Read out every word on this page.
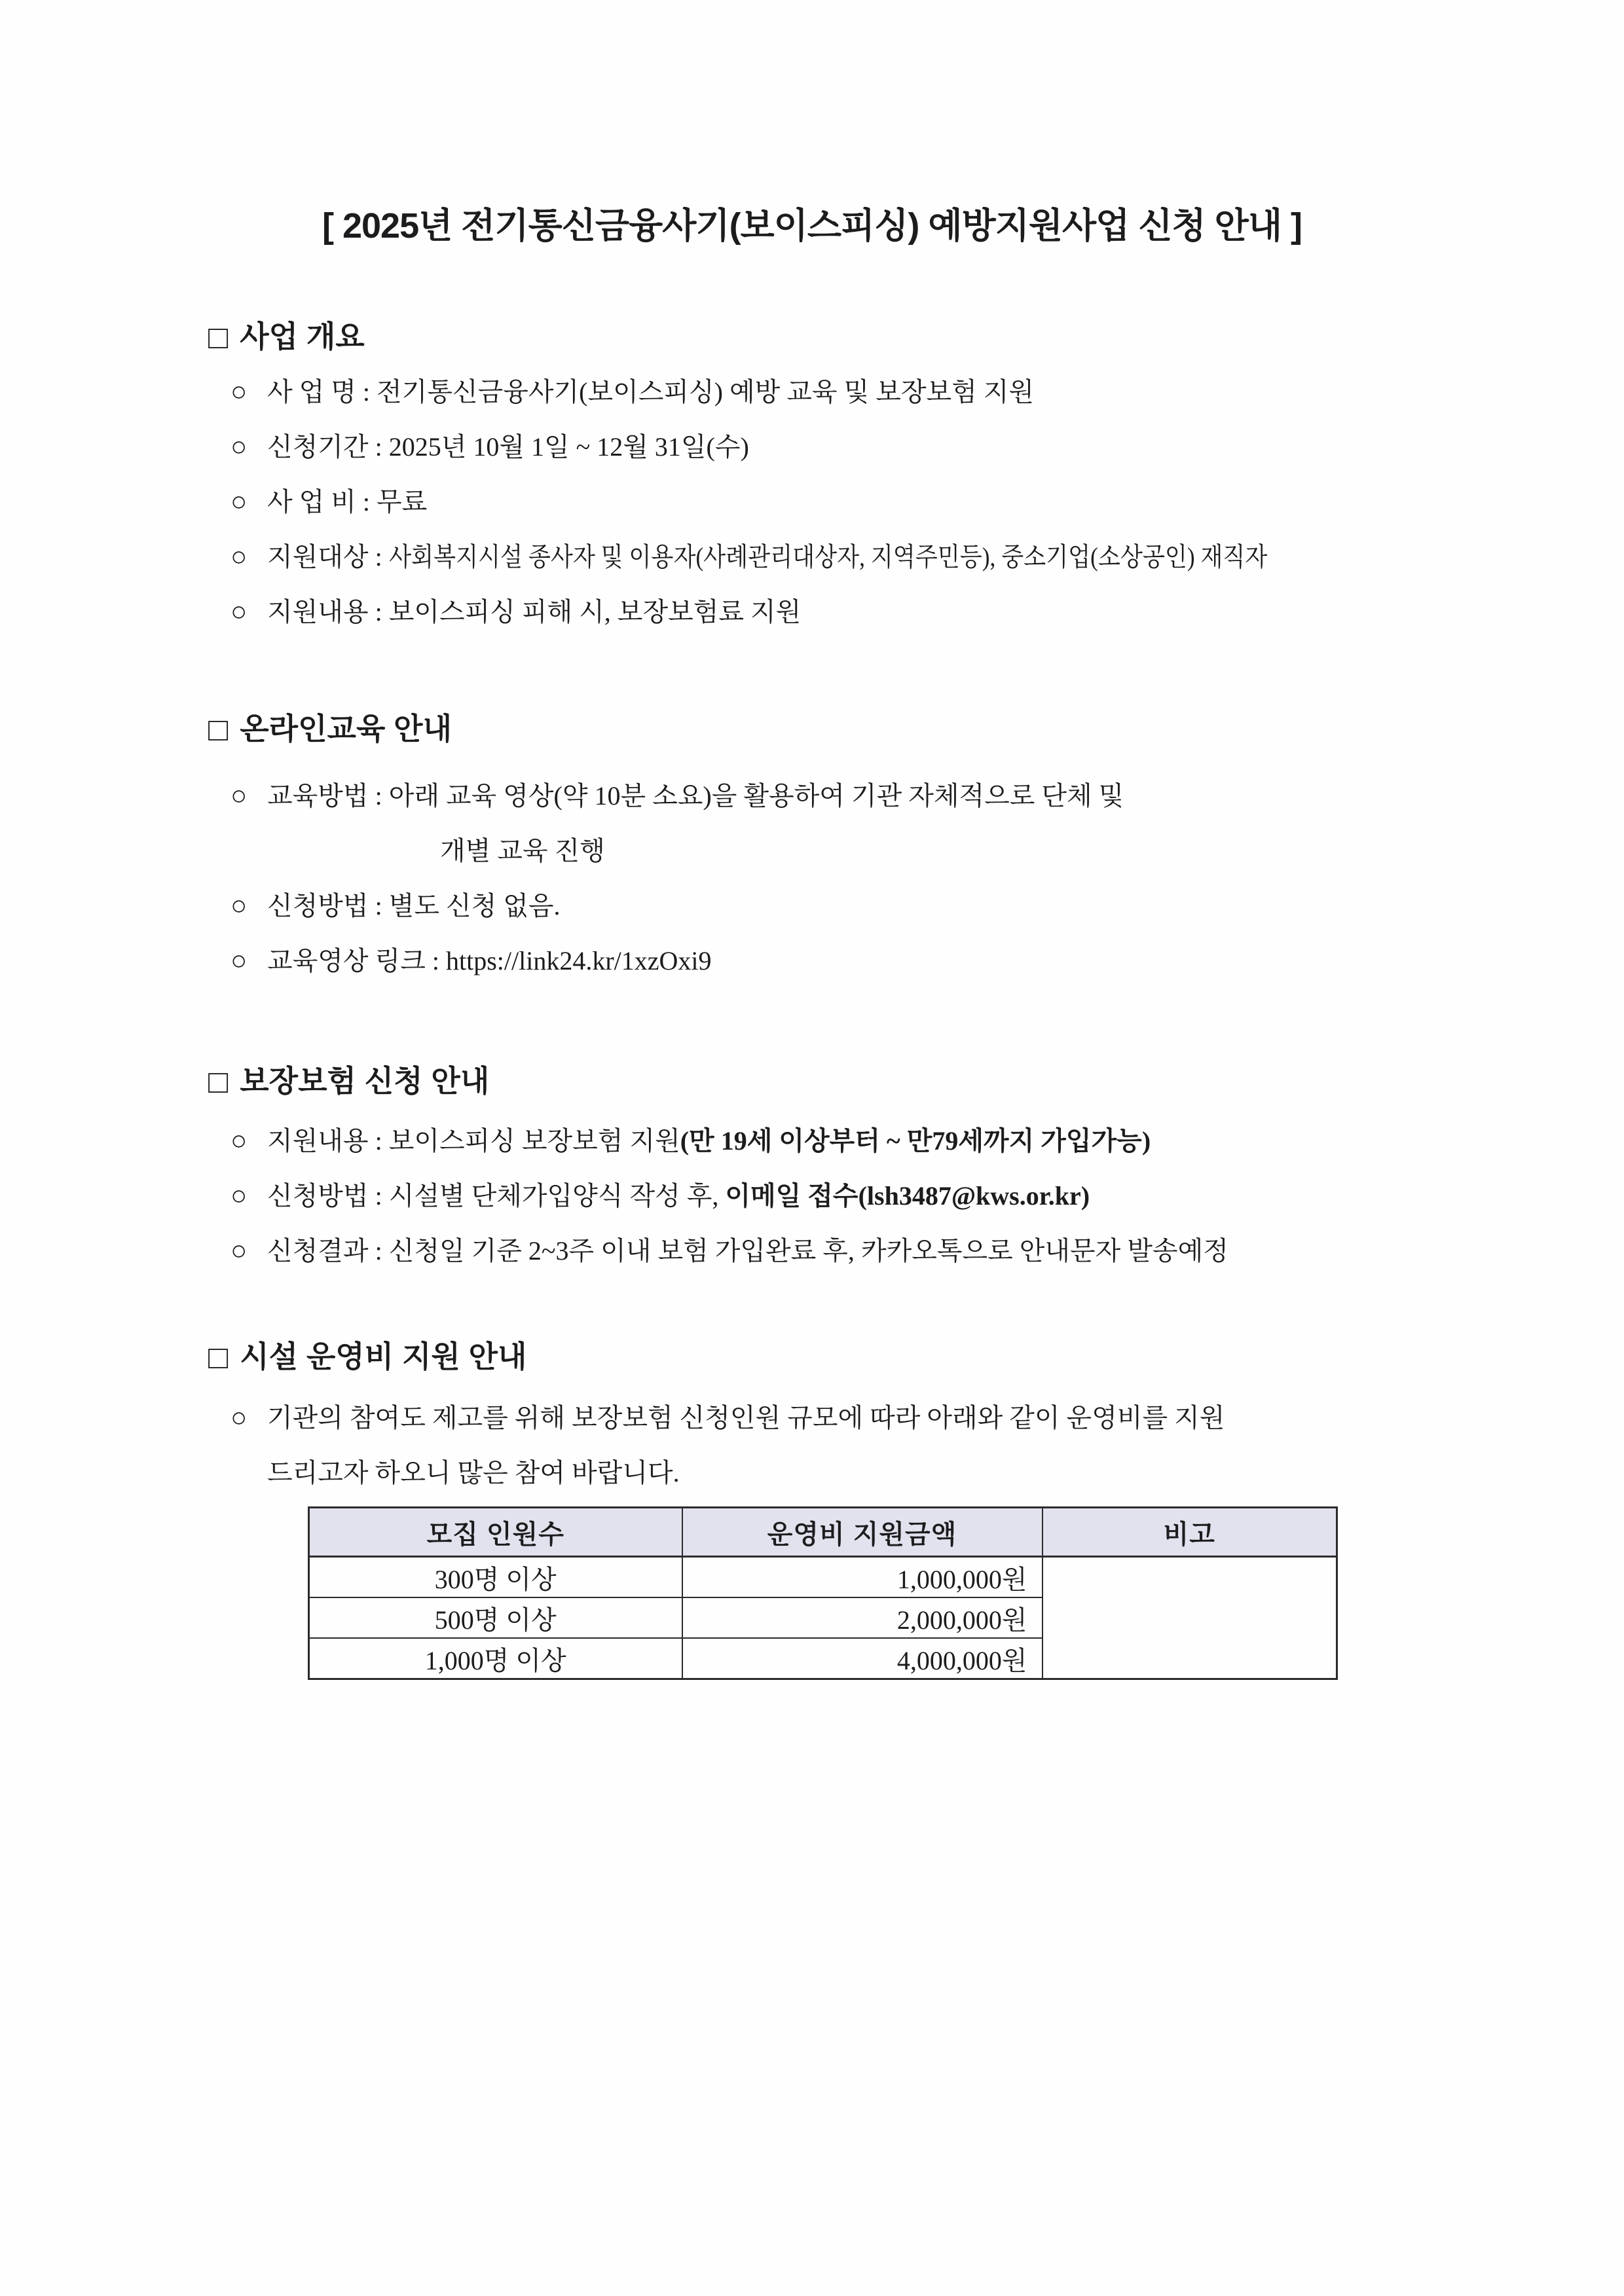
[ 2025년 전기통신금융사기(보이스피싱) 예방지원사업 신청 안내 ]
□ 사업 개요
○ 사 업 명 : 전기통신금융사기(보이스피싱) 예방 교육 및 보장보험 지원
○ 신청기간 : 2025년 10월 1일 ~ 12월 31일(수)
○ 사 업 비 : 무료
○ 지원대상 : 사회복지시설 종사자 및 이용자(사례관리대상자, 지역주민등), 중소기업(소상공인) 재직자
○ 지원내용 : 보이스피싱 피해 시, 보장보험료 지원
□ 온라인교육 안내
○ 교육방법 : 아래 교육 영상(약 10분 소요)을 활용하여 기관 자체적으로 단체 및
개별 교육 진행
○ 신청방법 : 별도 신청 없음.
○ 교육영상 링크 : https://link24.kr/1xzOxi9
□ 보장보험 신청 안내
○ 지원내용 : 보이스피싱 보장보험 지원(만 19세 이상부터 ~ 만79세까지 가입가능)
○ 신청방법 : 시설별 단체가입양식 작성 후, 이메일 접수(lsh3487@kws.or.kr)
○ 신청결과 : 신청일 기준 2~3주 이내 보험 가입완료 후, 카카오톡으로 안내문자 발송예정
□ 시설 운영비 지원 안내
○ 기관의 참여도 제고를 위해 보장보험 신청인원 규모에 따라 아래와 같이 운영비를 지원
드리고자 하오니 많은 참여 바랍니다.
모집 인원수	운영비 지원금액	비고
300명 이상	1,000,000원	
500명 이상	2,000,000원	
1,000명 이상	4,000,000원	
